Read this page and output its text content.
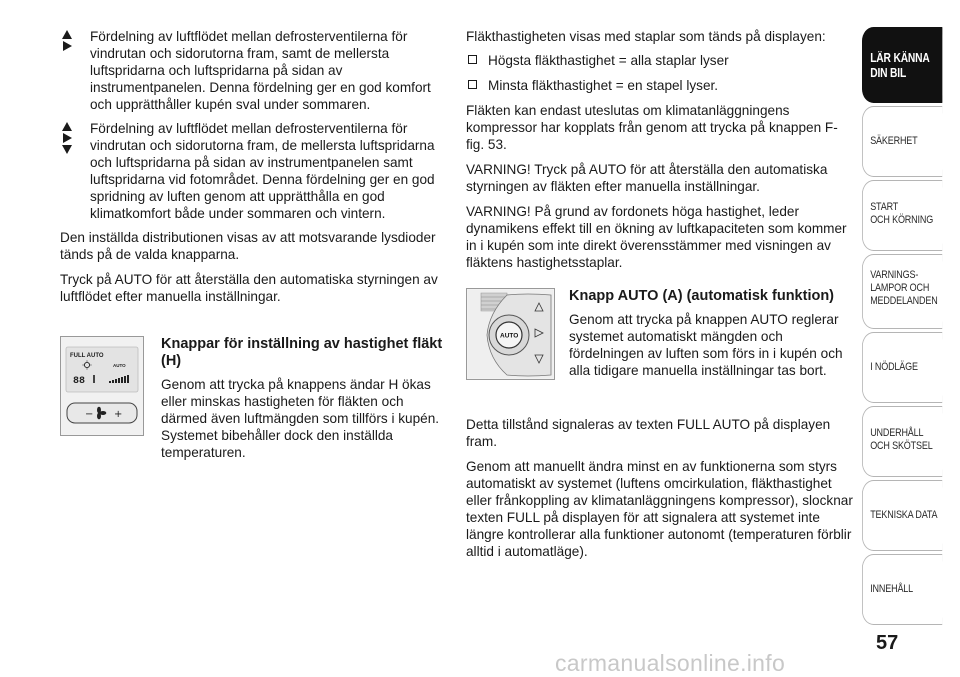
Fördelning av luftflödet mellan defrosterventilerna för vindrutan och sidorutorna fram, samt de mellersta luftspridarna och luftspridarna på sidan av instrumentpanelen. Denna fördelning ger en god komfort och upprätthåller kupén sval under sommaren.
Fördelning av luftflödet mellan defrosterventilerna för vindrutan och sidorutorna fram, de mellersta luftspridarna och luftspridarna på sidan av instrumentpanelen samt luftspridarna vid fotområdet. Denna fördelning ger en god spridning av luften genom att upprätthålla en god klimatkomfort både under sommaren och vintern.

Den inställda distributionen visas av att motsvarande lysdioder tänds på de valda knapparna.

Tryck på AUTO för att återställa den automatiska styrningen av luftflödet efter manuella inställningar.

FULL AUTO
AUTO
88
− +
Knappar för inställning av hastighet fläkt (H)

Genom att trycka på knappens ändar H ökas eller minskas hastigheten för fläkten och därmed även luftmängden som tillförs i kupén. Systemet bibehåller dock den inställda temperaturen.

Fläkthastigheten visas med staplar som tänds på displayen:

Högsta fläkthastighet = alla staplar lyser
Minsta fläkthastighet = en stapel lyser.

Fläkten kan endast uteslutas om klimatanläggningens kompressor har kopplats från genom att trycka på knappen F-fig. 53.

VARNING! Tryck på AUTO för att återställa den automatiska styrningen av fläkten efter manuella inställningar.

VARNING! På grund av fordonets höga hastighet, leder dynamikens effekt till en ökning av luftkapaciteten som kommer in i kupén som inte direkt överensstämmer med visningen av fläktens hastighetsstaplar.

AUTO
Knapp AUTO (A) (automatisk funktion)

Genom att trycka på knappen AUTO reglerar systemet automatiskt mängden och fördelningen av luften som förs in i kupén och alla tidigare manuella inställningar tas bort.

Detta tillstånd signaleras av texten FULL AUTO på displayen fram.

Genom att manuellt ändra minst en av funktionerna som styrs automatiskt av systemet (luftens omcirkulation, fläkthastighet eller frånkoppling av klimatanläggningens kompressor), slocknar texten FULL på displayen för att signalera att systemet inte längre kontrollerar alla funktioner autonomt (temperaturen förblir alltid i automatläge).

LÄR KÄNNA
DIN BIL
SÄKERHET
START
OCH KÖRNING
VARNINGS-
LAMPOR OCH
MEDDELANDEN
I NÖDLÄGE
UNDERHÅLL
OCH SKÖTSEL
TEKNISKA DATA
INNEHÅLL
57
carmanualsonline.info
